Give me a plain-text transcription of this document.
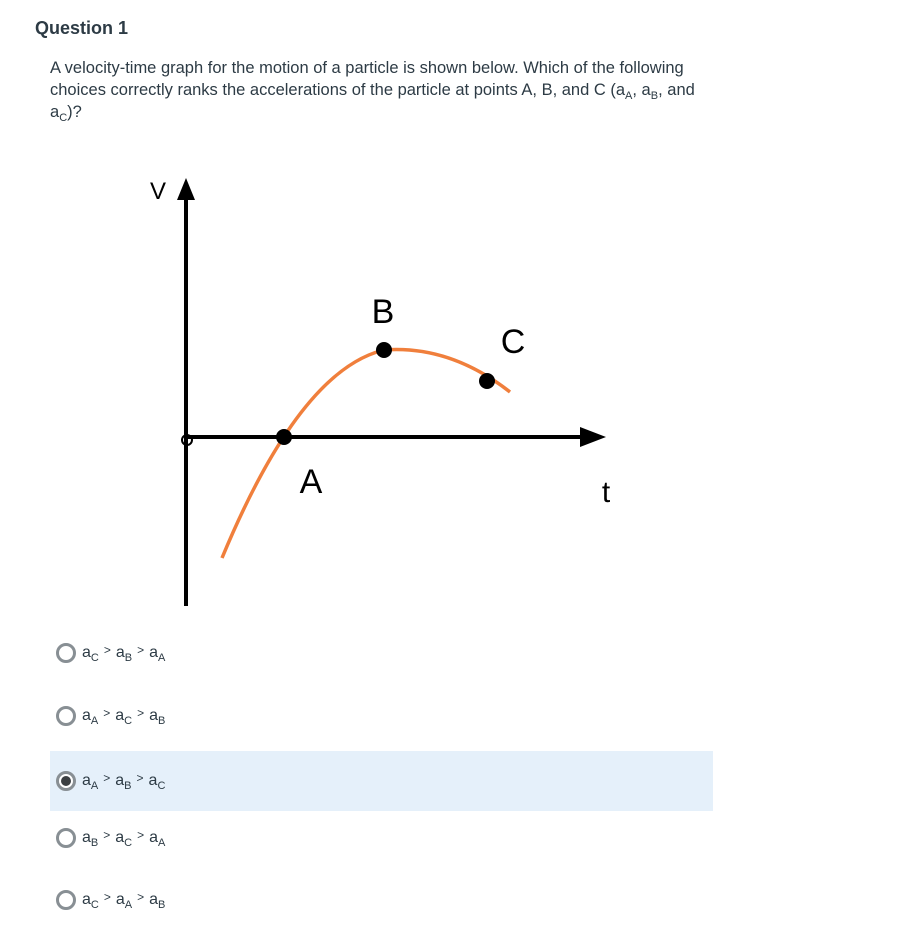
Question 1
A velocity-time graph for the motion of a particle is shown below. Which of the following choices correctly ranks the accelerations of the particle at points A, B, and C ($a_A$, $a_B$, and $a_C$)?
V
t
A
B
C
$a_C$
> $a_B$
> $a_A$
$a_A$
> $a_C$
> $a_B$
$a_A$
> $a_B$
> $a_C$
$a_B$
> $a_C$
> $a_A$
$a_C$
> $a_A$
> $a_B$
